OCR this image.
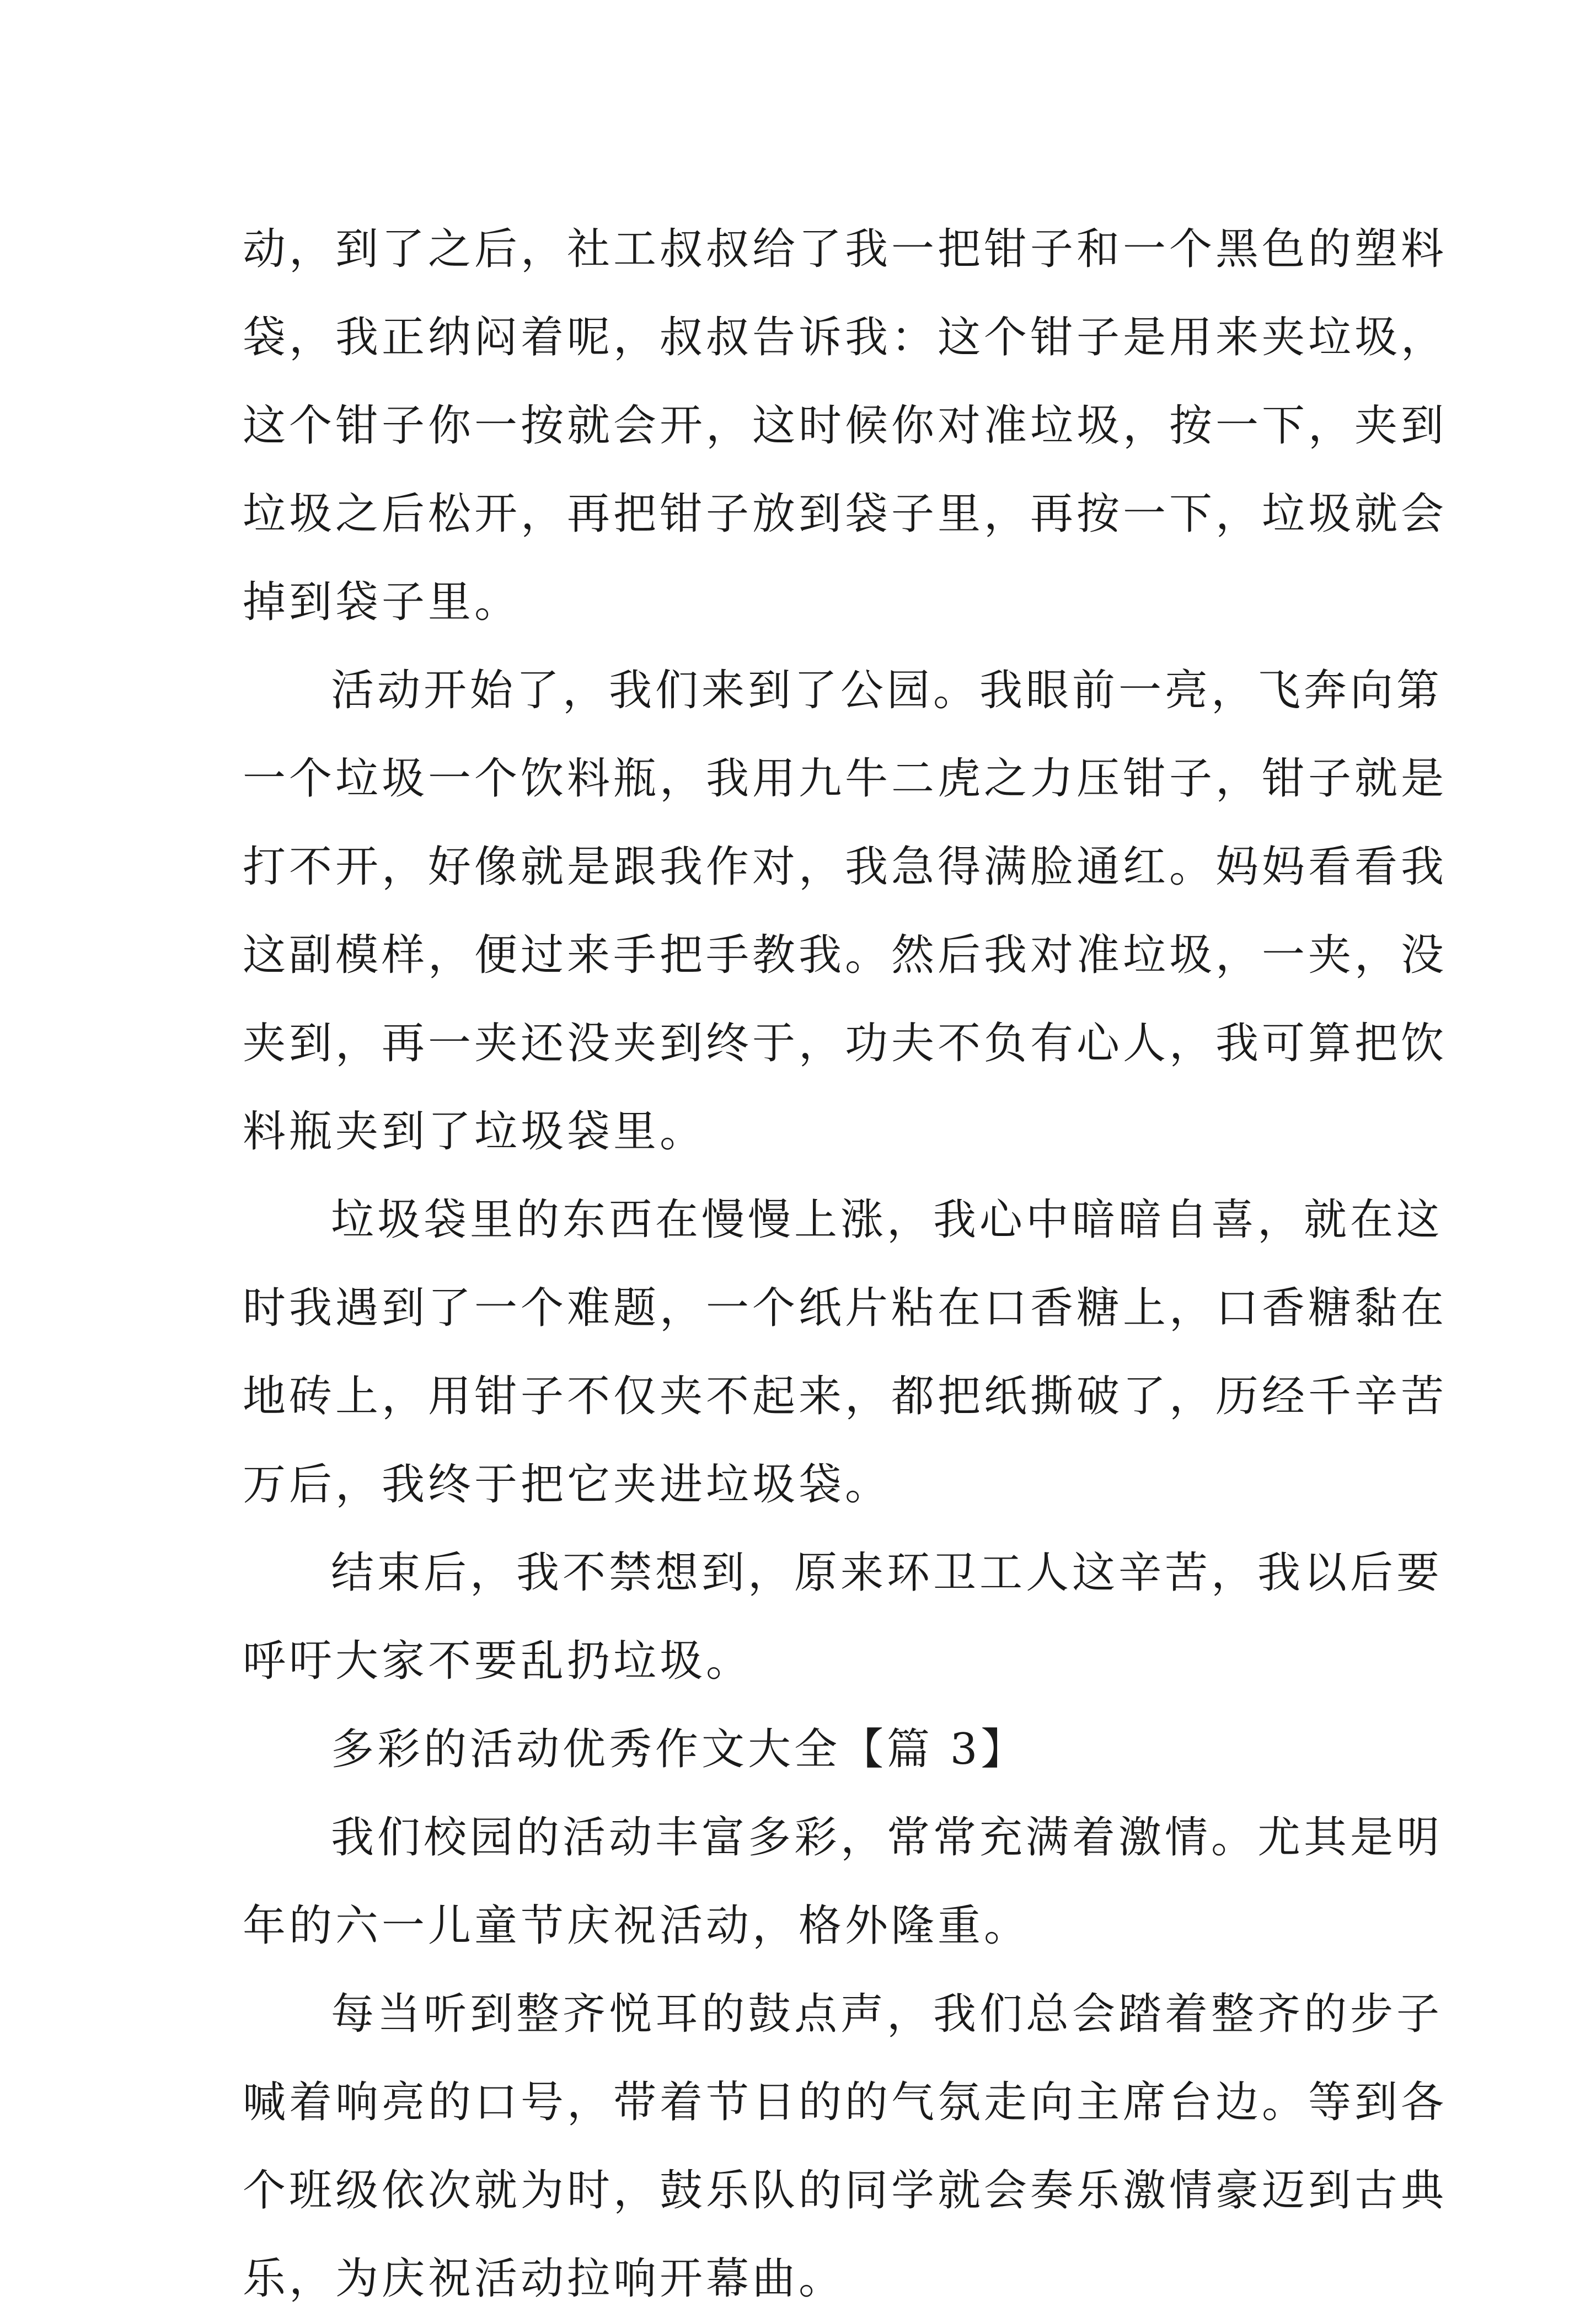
动，到了之后，社工叔叔给了我一把钳子和一个黑色的塑料
袋，我正纳闷着呢，叔叔告诉我：这个钳子是用来夹垃圾，
这个钳子你一按就会开，这时候你对准垃圾，按一下，夹到
垃圾之后松开，再把钳子放到袋子里，再按一下，垃圾就会
掉到袋子里。
活动开始了，我们来到了公园。我眼前一亮，飞奔向第
一个垃圾一个饮料瓶，我用九牛二虎之力压钳子，钳子就是
打不开，好像就是跟我作对，我急得满脸通红。妈妈看看我
这副模样，便过来手把手教我。然后我对准垃圾，一夹，没
夹到，再一夹还没夹到终于，功夫不负有心人，我可算把饮
料瓶夹到了垃圾袋里。
垃圾袋里的东西在慢慢上涨，我心中暗暗自喜，就在这
时我遇到了一个难题，一个纸片粘在口香糖上，口香糖黏在
地砖上，用钳子不仅夹不起来，都把纸撕破了，历经千辛苦
万后，我终于把它夹进垃圾袋。
结束后，我不禁想到，原来环卫工人这辛苦，我以后要
呼吁大家不要乱扔垃圾。
多彩的活动优秀作文大全【篇 3】
我们校园的活动丰富多彩，常常充满着激情。尤其是明
年的六一儿童节庆祝活动，格外隆重。
每当听到整齐悦耳的鼓点声，我们总会踏着整齐的步子
喊着响亮的口号，带着节日的的气氛走向主席台边。等到各
个班级依次就为时，鼓乐队的同学就会奏乐激情豪迈到古典
乐，为庆祝活动拉响开幕曲。
